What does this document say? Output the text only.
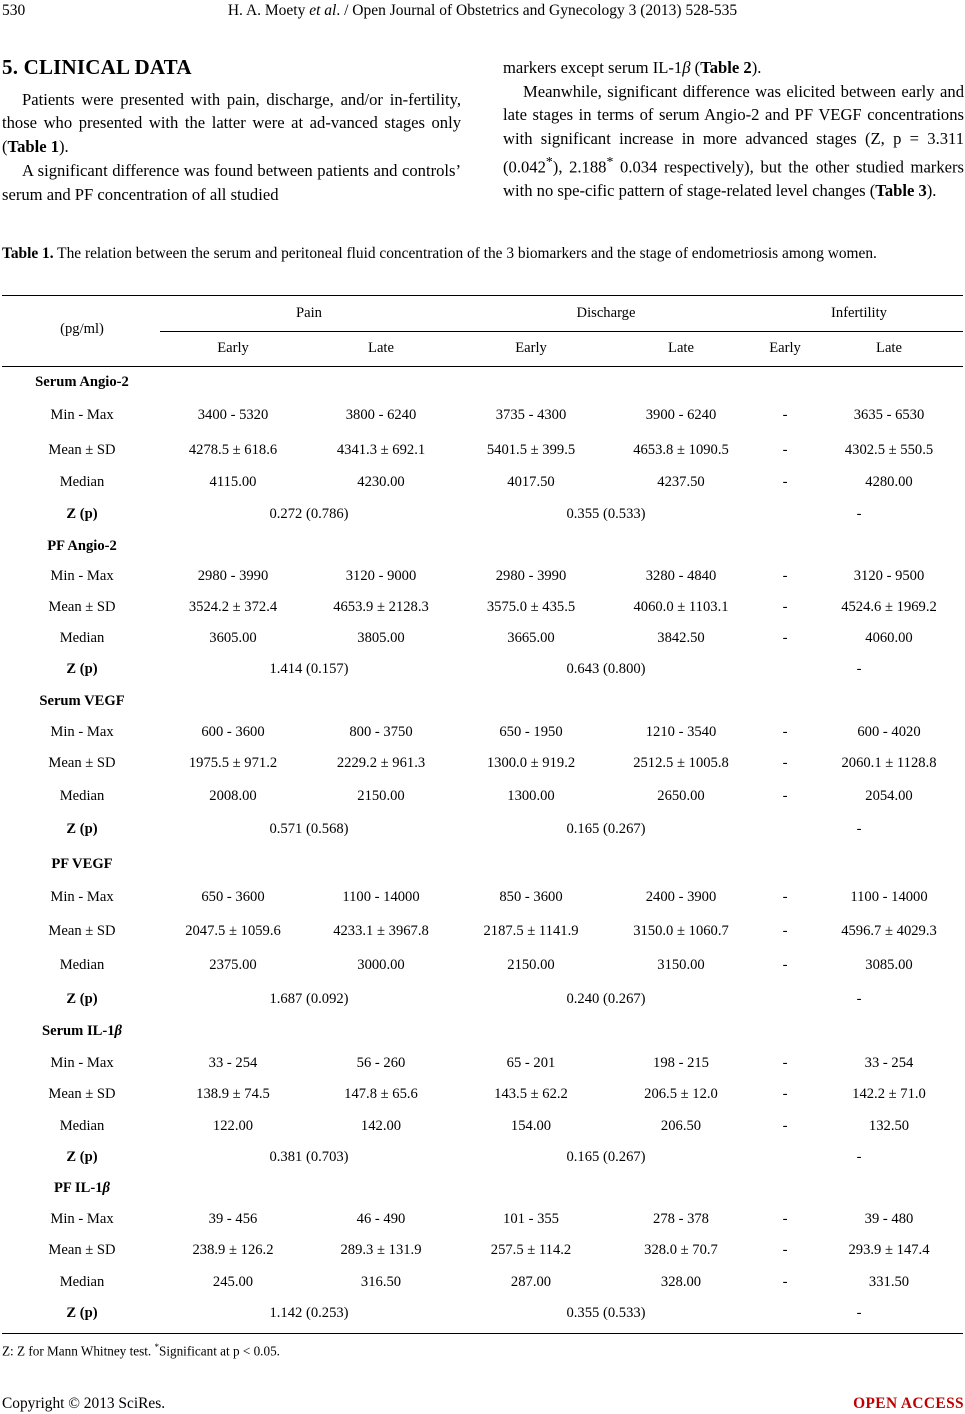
530	H. A. Moety et al. / Open Journal of Obstetrics and Gynecology 3 (2013) 528-535
5. CLINICAL DATA

Patients were presented with pain, discharge, and/or in-fertility, those who presented with the latter were at ad-vanced stages only (Table 1).

A significant difference was found between patients and controls’ serum and PF concentration of all studied

markers except serum IL-1β (Table 2).

Meanwhile, significant difference was elicited between early and late stages in terms of serum Angio-2 and PF VEGF concentrations with significant increase in more advanced stages (Z, p = 3.311 (0.042*), 2.188* 0.034 respectively), but the other studied markers with no spe-cific pattern of stage-related level changes (Table 3).

Table 1. The relation between the serum and peritoneal fluid concentration of the 3 biomarkers and the stage of endometriosis among women.
(pg/ml)
Pain	Discharge	Infertility
Early	Late	Early	Late	Early	Late
Serum Angio-2
Min - Max	3400 - 5320	3800 - 6240	3735 - 4300	3900 - 6240	-	3635 - 6530
Mean ± SD	4278.5 ± 618.6	4341.3 ± 692.1	5401.5 ± 399.5	4653.8 ± 1090.5	-	4302.5 ± 550.5
Median	4115.00	4230.00	4017.50	4237.50	-	4280.00
Z (p)	0.272 (0.786)	0.355 (0.533)	-
PF Angio-2
Min - Max	2980 - 3990	3120 - 9000	2980 - 3990	3280 - 4840	-	3120 - 9500
Mean ± SD	3524.2 ± 372.4	4653.9 ± 2128.3	3575.0 ± 435.5	4060.0 ± 1103.1	-	4524.6 ± 1969.2
Median	3605.00	3805.00	3665.00	3842.50	-	4060.00
Z (p)	1.414 (0.157)	0.643 (0.800)	-
Serum VEGF
Min - Max	600 - 3600	800 - 3750	650 - 1950	1210 - 3540	-	600 - 4020
Mean ± SD	1975.5 ± 971.2	2229.2 ± 961.3	1300.0 ± 919.2	2512.5 ± 1005.8	-	2060.1 ± 1128.8
Median	2008.00	2150.00	1300.00	2650.00	-	2054.00
Z (p)	0.571 (0.568)	0.165 (0.267)	-
PF VEGF
Min - Max	650 - 3600	1100 - 14000	850 - 3600	2400 - 3900	-	1100 - 14000
Mean ± SD	2047.5 ± 1059.6	4233.1 ± 3967.8	2187.5 ± 1141.9	3150.0 ± 1060.7	-	4596.7 ± 4029.3
Median	2375.00	3000.00	2150.00	3150.00	-	3085.00
Z (p)	1.687 (0.092)	0.240 (0.267)	-
Serum IL-1β
Min - Max	33 - 254	56 - 260	65 - 201	198 - 215	-	33 - 254
Mean ± SD	138.9 ± 74.5	147.8 ± 65.6	143.5 ± 62.2	206.5 ± 12.0	-	142.2 ± 71.0
Median	122.00	142.00	154.00	206.50	-	132.50
Z (p)	0.381 (0.703)	0.165 (0.267)	-
PF IL-1β
Min - Max	39 - 456	46 - 490	101 - 355	278 - 378	-	39 - 480
Mean ± SD	238.9 ± 126.2	289.3 ± 131.9	257.5 ± 114.2	328.0 ± 70.7	-	293.9 ± 147.4
Median	245.00	316.50	287.00	328.00	-	331.50
Z (p)	1.142 (0.253)	0.355 (0.533)	-
Z: Z for Mann Whitney test. *Significant at p < 0.05.
Copyright © 2013 SciRes.	OPEN ACCESS
